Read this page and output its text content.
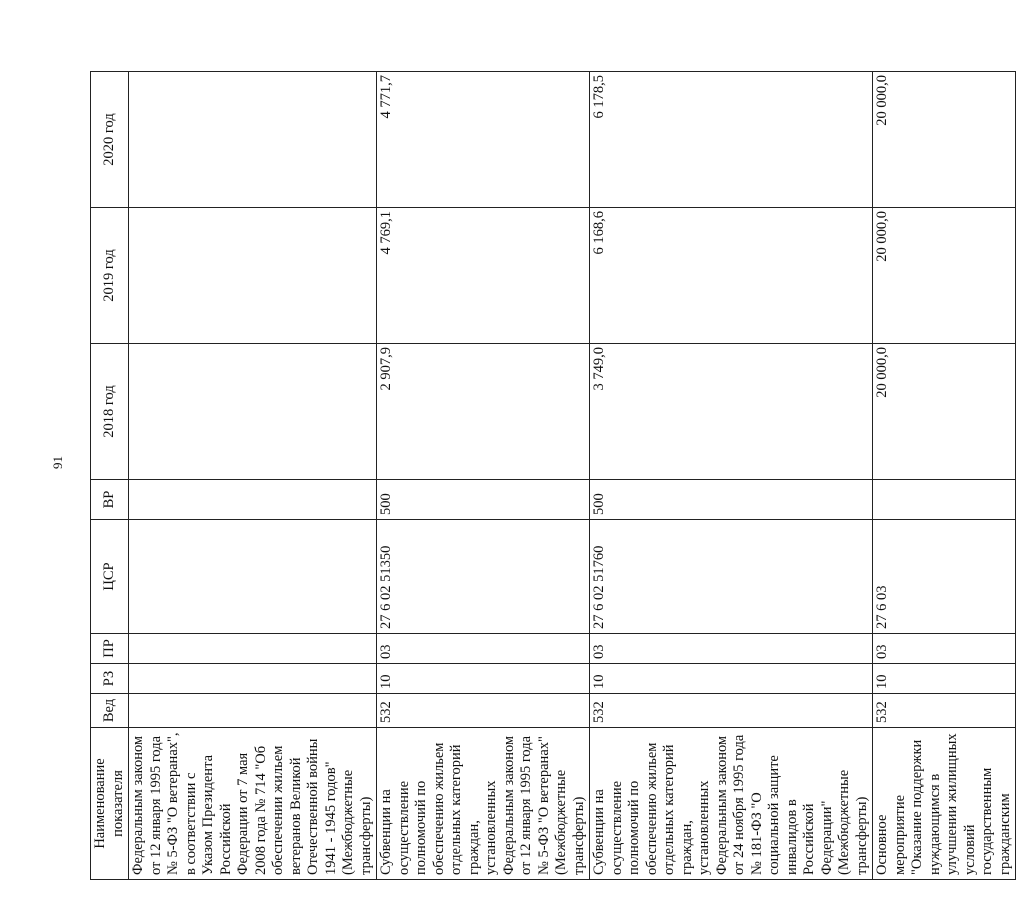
91
Наименование показателя	Вед	РЗ	ПР	ЦСР	ВР	2018 год	2019 год	2020 год
Федеральным законом от 12 января 1995 года № 5-ФЗ "О ветеранах", в соответствии с Указом Президента Российской Федерации от 7 мая 2008 года № 714 "Об обеспечении жильем ветеранов Великой Отечественной войны 1941 - 1945 годов" (Межбюджетные трансферты)								
Субвенции на осуществление полномочий по обеспечению жильем отдельных категорий граждан, установленных Федеральным законом от 12 января 1995 года № 5-ФЗ "О ветеранах" (Межбюджетные трансферты)	532	10	03	27 6 02 51350	500	2 907,9	4 769,1	4 771,7
Субвенции на осуществление полномочий по обеспечению жильем отдельных категорий граждан, установленных Федеральным законом от 24 ноября 1995 года № 181-ФЗ "О социальной защите инвалидов в Российской Федерации" (Межбюджетные трансферты)	532	10	03	27 6 02 51760	500	3 749,0	6 168,6	6 178,5
Основное мероприятие "Оказание поддержки нуждающимся в улучшении жилищных условий государственным гражданским	532	10	03	27 6 03		20 000,0	20 000,0	20 000,0
